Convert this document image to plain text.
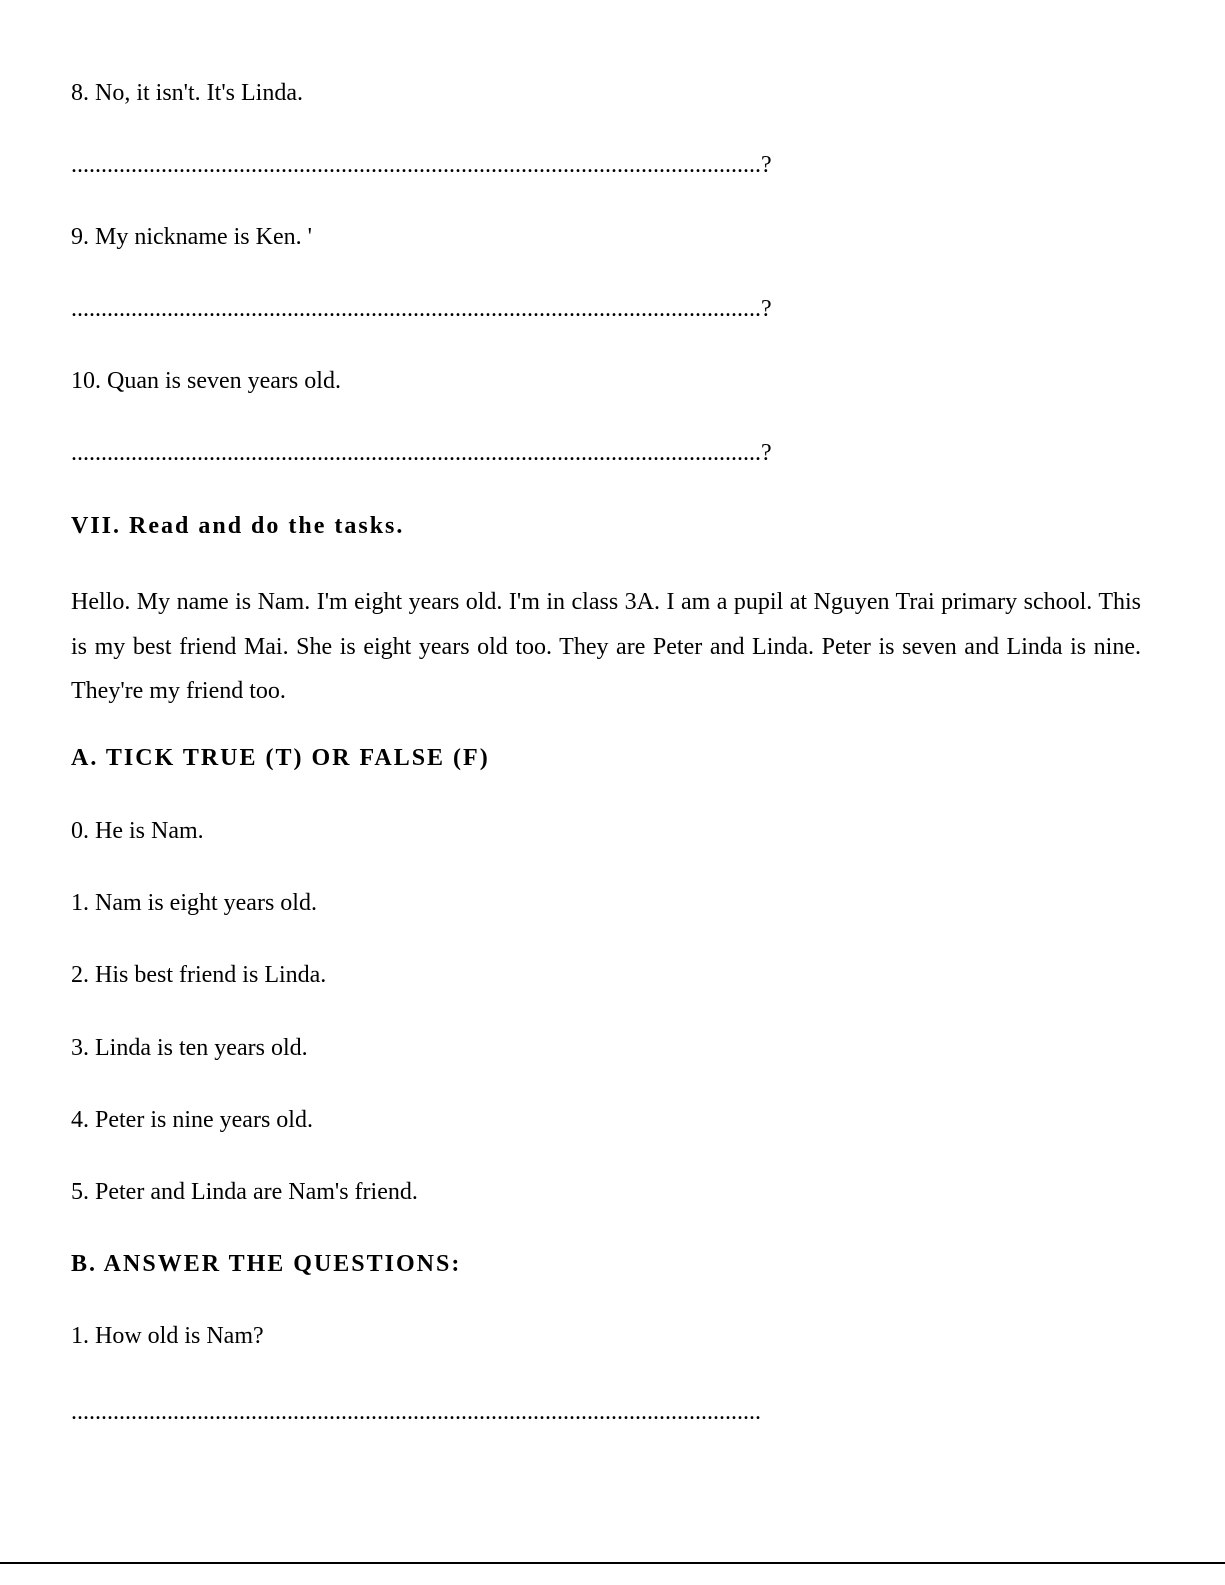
8. No, it isn't. It's Linda.
...................................................................................................................?
9. My nickname is Ken. '
...................................................................................................................?
10. Quan is seven years old.
...................................................................................................................?
VII. Read and do the tasks.
Hello. My name is Nam. I'm eight years old. I'm in class 3A. I am a pupil at Nguyen Trai primary school. This is my best friend Mai. She is eight years old too. They are Peter and Linda. Peter is seven and Linda is nine. They're my friend too.
A. TICK TRUE (T) OR FALSE (F)
0. He is Nam.
1. Nam is eight years old.
2. His best friend is Linda.
3. Linda is ten years old.
4. Peter is nine years old.
5. Peter and Linda are Nam's friend.
B. ANSWER THE QUESTIONS:
1. How old is Nam?
...................................................................................................................
